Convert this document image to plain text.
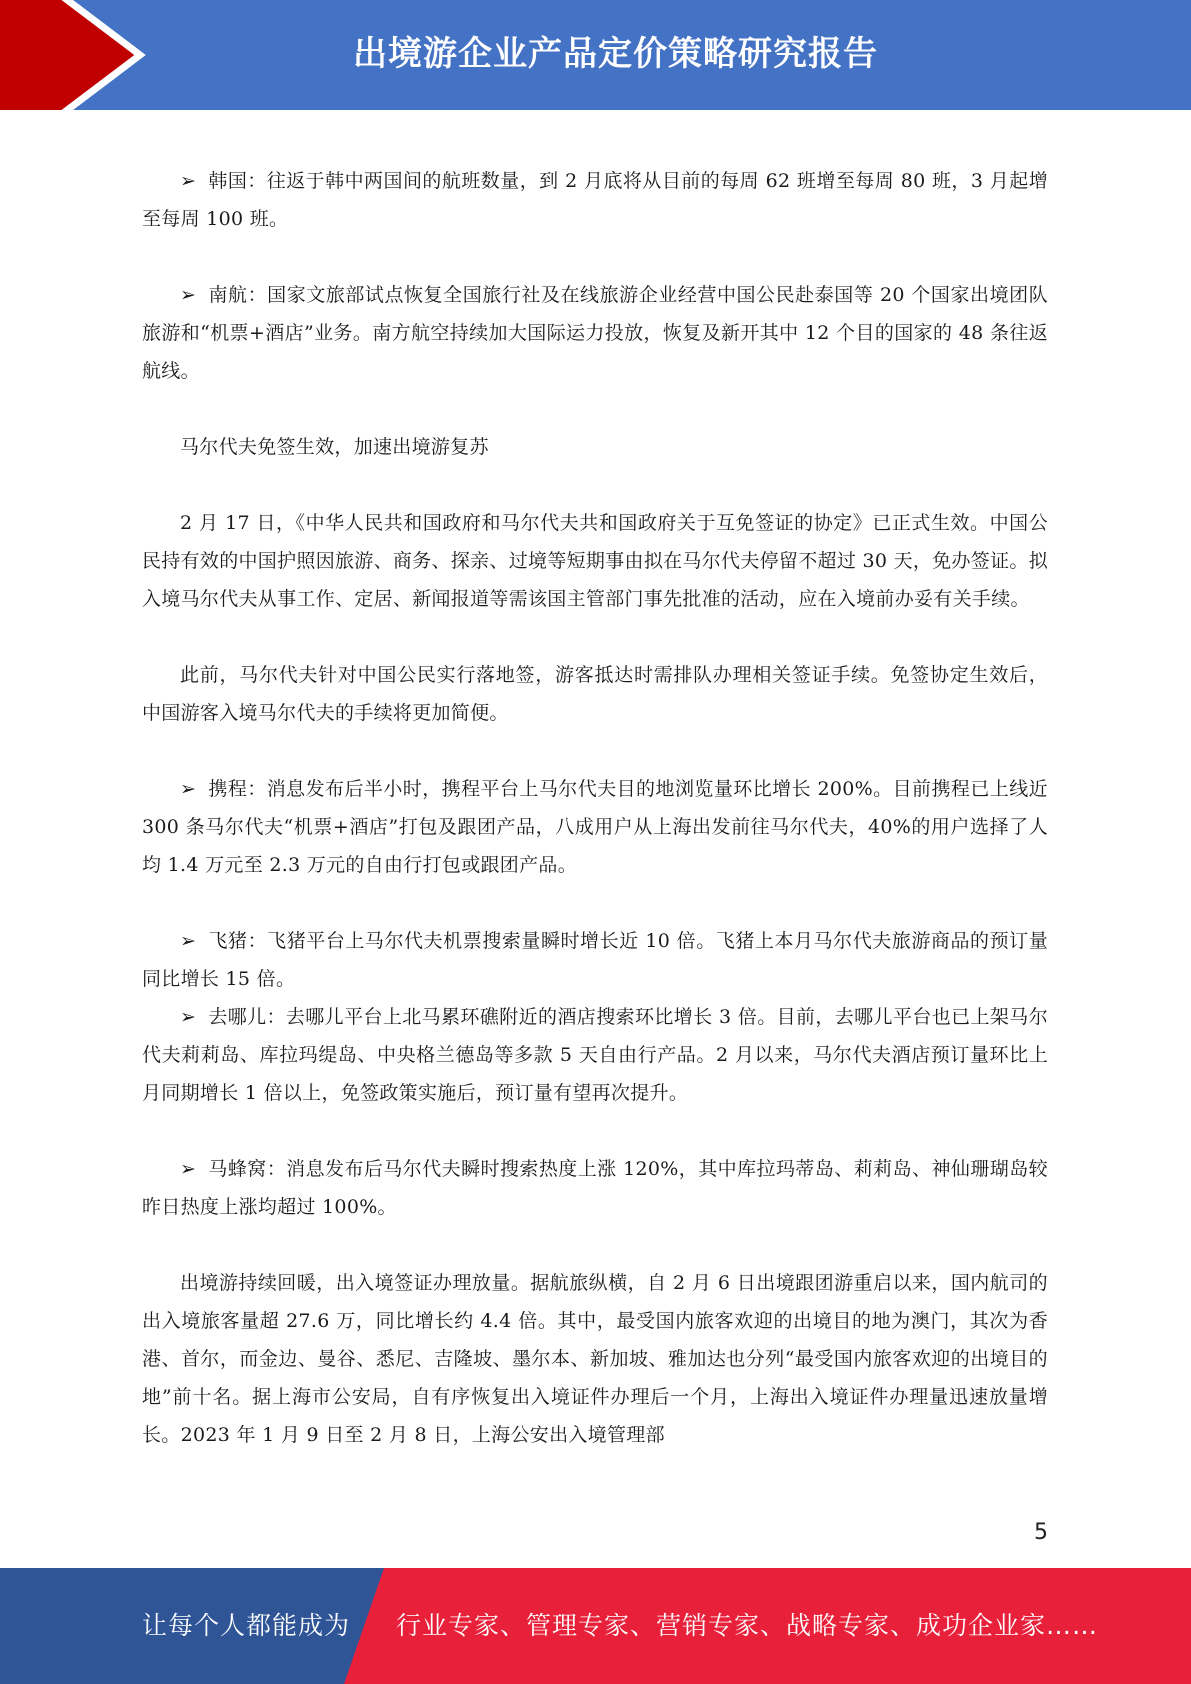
出境游企业产品定价策略研究报告

➢ 韩国：往返于韩中两国间的航班数量，到 2 月底将从目前的每周 62 班增至每周 80 班，3 月起增至每周 100 班。

➢ 南航：国家文旅部试点恢复全国旅行社及在线旅游企业经营中国公民赴泰国等 20 个国家出境团队旅游和“机票+酒店”业务。南方航空持续加大国际运力投放，恢复及新开其中 12 个目的国家的 48 条往返航线。

马尔代夫免签生效，加速出境游复苏

2 月 17 日，《中华人民共和国政府和马尔代夫共和国政府关于互免签证的协定》已正式生效。中国公民持有效的中国护照因旅游、商务、探亲、过境等短期事由拟在马尔代夫停留不超过 30 天，免办签证。拟入境马尔代夫从事工作、定居、新闻报道等需该国主管部门事先批准的活动，应在入境前办妥有关手续。

此前，马尔代夫针对中国公民实行落地签，游客抵达时需排队办理相关签证手续。免签协定生效后，中国游客入境马尔代夫的手续将更加简便。

➢ 携程：消息发布后半小时，携程平台上马尔代夫目的地浏览量环比增长 200%。目前携程已上线近 300 条马尔代夫“机票+酒店”打包及跟团产品，八成用户从上海出发前往马尔代夫，40%的用户选择了人均 1.4 万元至 2.3 万元的自由行打包或跟团产品。

➢ 飞猪：飞猪平台上马尔代夫机票搜索量瞬时增长近 10 倍。飞猪上本月马尔代夫旅游商品的预订量同比增长 15 倍。

➢ 去哪儿：去哪儿平台上北马累环礁附近的酒店搜索环比增长 3 倍。目前，去哪儿平台也已上架马尔代夫莉莉岛、库拉玛缇岛、中央格兰德岛等多款 5 天自由行产品。2 月以来，马尔代夫酒店预订量环比上月同期增长 1 倍以上，免签政策实施后，预订量有望再次提升。

➢ 马蜂窝：消息发布后马尔代夫瞬时搜索热度上涨 120%，其中库拉玛蒂岛、莉莉岛、神仙珊瑚岛较昨日热度上涨均超过 100%。

出境游持续回暖，出入境签证办理放量。据航旅纵横，自 2 月 6 日出境跟团游重启以来，国内航司的出入境旅客量超 27.6 万，同比增长约 4.4 倍。其中，最受国内旅客欢迎的出境目的地为澳门，其次为香港、首尔，而金边、曼谷、悉尼、吉隆坡、墨尔本、新加坡、雅加达也分列“最受国内旅客欢迎的出境目的地”前十名。据上海市公安局，自有序恢复出入境证件办理后一个月，上海出入境证件办理量迅速放量增长。2023 年 1 月 9 日至 2 月 8 日，上海公安出入境管理部

5
让每个人都能成为 行业专家、管理专家、营销专家、战略专家、成功企业家……
